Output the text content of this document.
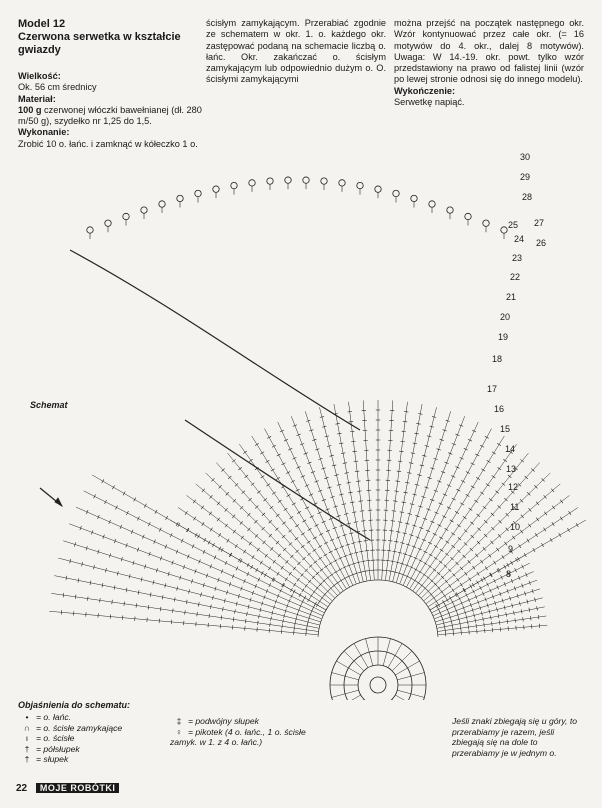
Model 12
Czerwona serwetka w kształcie gwiazdy

Wielkość:

Ok. 56 cm średnicy

Materiał:

100 g czerwonej włóczki bawełnianej (dł. 280 m/50 g), szydełko nr 1,25 do 1,5.

Wykonanie:

Zrobić 10 o. łańc. i zamknąć w kółeczko 1 o.

ścisłym zamykającym. Przerabiać zgodnie ze schematem w okr. 1. o. każdego okr. zastępować podaną na schemacie liczbą o. łańc. Okr. zakańczać o. ścisłym zamykającym lub odpowiednio dużym o. O. ścisłymi zamykającymi

można przejść na początek następnego okr. Wzór kontynuować przez całe okr. (= 16 motywów do 4. okr., dalej 8 motywów). Uwaga: W 14.-19. okr. powt. tylko wzór przedstawiony na prawo od falistej linii (wzór po lewej stronie odnosi się do innego modelu).

Wykończenie:

Serwetkę napiąć.

Schemat
8
9
10
11
12
13
14
15
16
17
18
19
20
21
22
23
24
25
26
27
28
29
30
Objaśnienia do schematu:
• = o. łańc.
∩ = o. ścisłe zamykające
ı = o. ścisłe
† = półsłupek
† = słupek
‡ = podwójny słupek
♀ = pikotek (4 o. łańc., 1 o. ścisłe zamyk. w 1. z 4 o. łańc.)
Jeśli znaki zbiegają się u góry, to przerabiamy je razem, jeśli zbiegają się na dole to przerabiamy je w jednym o.
22 MOJE ROBÓTKI
